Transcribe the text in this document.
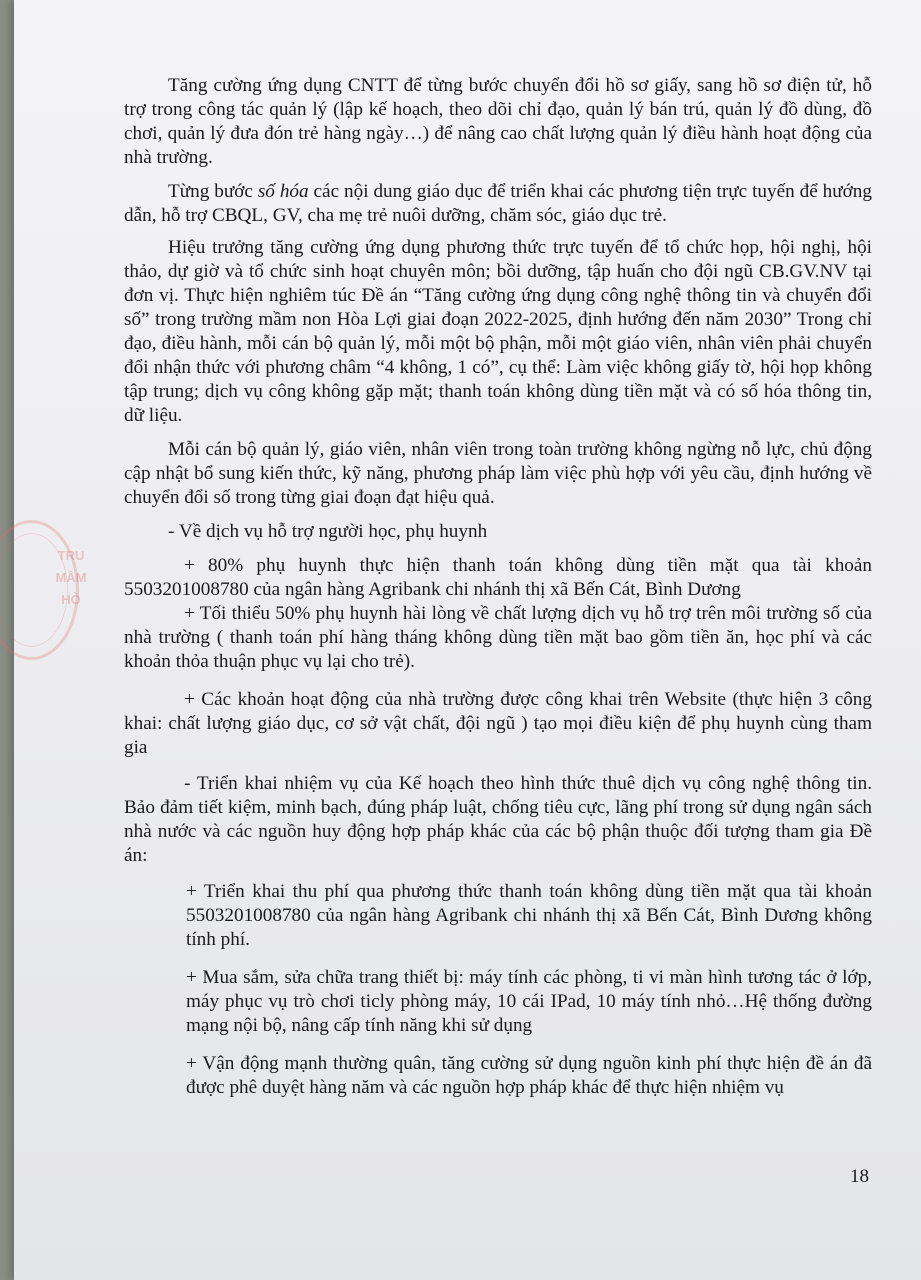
TRU
MẦM
HÒ

Tăng cường ứng dụng CNTT để từng bước chuyển đổi hồ sơ giấy, sang hồ sơ điện tử, hỗ trợ trong công tác quản lý (lập kế hoạch, theo dõi chỉ đạo, quản lý bán trú, quản lý đồ dùng, đồ chơi, quản lý đưa đón trẻ hàng ngày…) để nâng cao chất lượng quản lý điều hành hoạt động của nhà trường.

Từng bước số hóa các nội dung giáo dục để triển khai các phương tiện trực tuyến để hướng dẫn, hỗ trợ CBQL, GV, cha mẹ trẻ nuôi dưỡng, chăm sóc, giáo dục trẻ.

Hiệu trưởng tăng cường ứng dụng phương thức trực tuyến để tổ chức họp, hội nghị, hội thảo, dự giờ và tổ chức sinh hoạt chuyên môn; bồi dưỡng, tập huấn cho đội ngũ CB.GV.NV tại đơn vị. Thực hiện nghiêm túc Đề án “Tăng cường ứng dụng công nghệ thông tin và chuyển đổi số” trong trường mầm non Hòa Lợi giai đoạn 2022-2025, định hướng đến năm 2030” Trong chỉ đạo, điều hành, mỗi cán bộ quản lý, mỗi một bộ phận, mỗi một giáo viên, nhân viên phải chuyển đổi nhận thức với phương châm “4 không, 1 có”, cụ thể: Làm việc không giấy tờ, hội họp không tập trung; dịch vụ công không gặp mặt; thanh toán không dùng tiền mặt và có số hóa thông tin, dữ liệu.

Mỗi cán bộ quản lý, giáo viên, nhân viên trong toàn trường không ngừng nỗ lực, chủ động cập nhật bổ sung kiến thức, kỹ năng, phương pháp làm việc phù hợp với yêu cầu, định hướng về chuyển đổi số trong từng giai đoạn đạt hiệu quả.

- Về dịch vụ hỗ trợ người học, phụ huynh

+ 80% phụ huynh thực hiện thanh toán không dùng tiền mặt qua tài khoản 5503201008780 của ngân hàng Agribank chi nhánh thị xã Bến Cát, Bình Dương

+ Tối thiểu 50% phụ huynh hài lòng về chất lượng dịch vụ hỗ trợ trên môi trường số của nhà trường ( thanh toán phí hàng tháng không dùng tiền mặt bao gồm tiền ăn, học phí và các khoản thỏa thuận phục vụ lại cho trẻ).

+ Các khoản hoạt động của nhà trường được công khai trên Website (thực hiện 3 công khai: chất lượng giáo dục, cơ sở vật chất, đội ngũ ) tạo mọi điều kiện để phụ huynh cùng tham gia

- Triển khai nhiệm vụ của Kế hoạch theo hình thức thuê dịch vụ công nghệ thông tin. Bảo đảm tiết kiệm, minh bạch, đúng pháp luật, chống tiêu cực, lãng phí trong sử dụng ngân sách nhà nước và các nguồn huy động hợp pháp khác của các bộ phận thuộc đối tượng tham gia Đề án:

+ Triển khai thu phí qua phương thức thanh toán không dùng tiền mặt qua tài khoản 5503201008780 của ngân hàng Agribank chi nhánh thị xã Bến Cát, Bình Dương không tính phí.

+ Mua sắm, sửa chữa trang thiết bị: máy tính các phòng, ti vi màn hình tương tác ở lớp, máy phục vụ trò chơi ticly phòng máy, 10 cái IPad, 10 máy tính nhỏ…Hệ thống đường mạng nội bộ, nâng cấp tính năng khi sử dụng

+ Vận động mạnh thường quân, tăng cường sử dụng nguồn kinh phí thực hiện đề án đã được phê duyệt hàng năm và các nguồn hợp pháp khác để thực hiện nhiệm vụ

18
